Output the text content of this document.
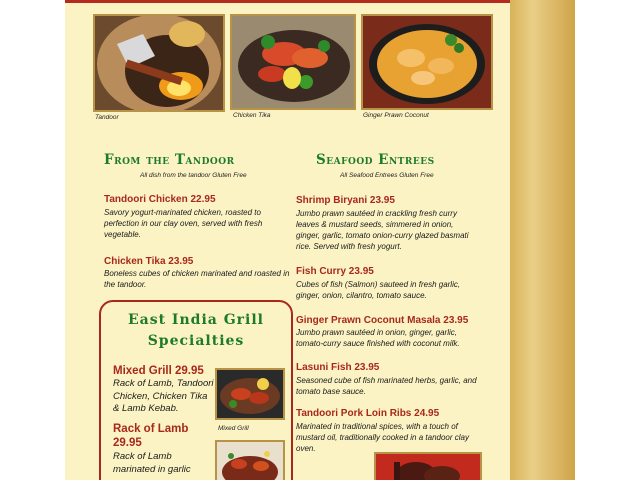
Tandoor	Chicken Tika	Ginger Prawn Coconut
From the Tandoor
All dish from the tandoor Gluten Free
Tandoori Chicken 22.95
Savory yogurt-marinated chicken, roasted to perfection in our clay oven, served with fresh vegetable.
Chicken Tika 23.95
Boneless cubes of chicken marinated and roasted in the tandoor.
Seafood Entrees
All Seafood Entrees Gluten Free
Shrimp Biryani 23.95
Jumbo prawn sautéed in crackling fresh curry leaves & mustard seeds, simmered in onion, ginger, garlic, tomato onion-curry glazed basmati rice. Served with fresh yogurt.
Fish Curry 23.95
Cubes of fish (Salmon) sauteed in fresh garlic, ginger, onion, cilantro, tomato sauce.
Ginger Prawn Coconut Masala 23.95
Jumbo prawn sautéed in onion, ginger, garlic, tomato-curry sauce finished with coconut milk.
Lasuni Fish 23.95
Seasoned cube of fish marinated herbs, garlic, and tomato base sauce.
Tandoori Pork Loin Ribs 24.95
Marinated in traditional spices, with a touch of mustard oil, traditionally cooked in a tandoor clay oven.
East India Grill
Specialties
Mixed Grill 29.95
Rack of Lamb, Tandoori Chicken, Chicken Tika & Lamb Kebab.
Rack of Lamb
29.95
Rack of Lamb marinated in garlic
Mixed Grill
